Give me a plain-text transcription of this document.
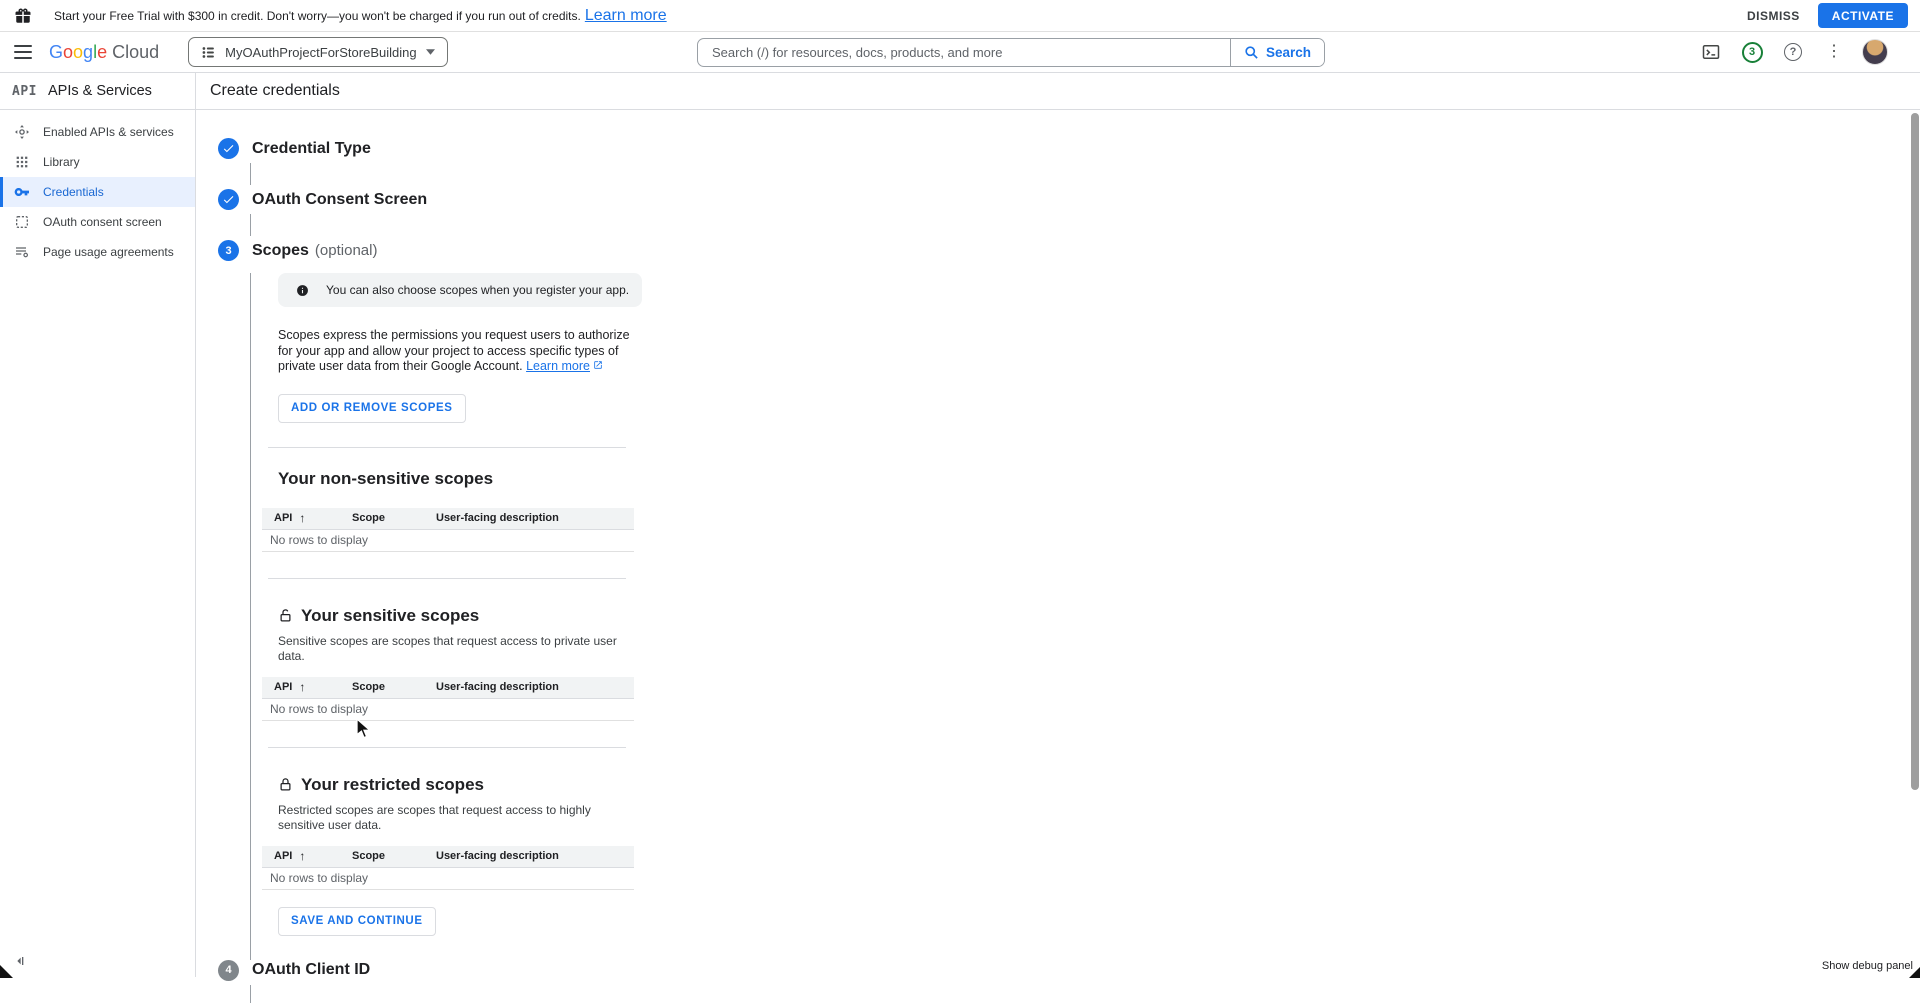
Start your Free Trial with $300 in credit. Don't worry—you won't be charged if you run out of credits. Learn more	DISMISS	ACTIVATE
Google Cloud	MyOAuthProjectForStoreBuilding
Search (/) for resources, docs, products, and more	Search	3	?	⋮
API APIs & Services
Enabled APIs & services
Library
Credentials
OAuth consent screen
Page usage agreements
Create credentials
Credential Type
OAuth Consent Screen
3	Scopes (optional)
You can also choose scopes when you register your app.
Scopes express the permissions you request users to authorize for your app and allow your project to access specific types of private user data from their Google Account. Learn more
ADD OR REMOVE SCOPES
Your non-sensitive scopes
API ↑	Scope	User-facing description
No rows to display
Your sensitive scopes
Sensitive scopes are scopes that request access to private user data.
API ↑	Scope	User-facing description
No rows to display
Your restricted scopes
Restricted scopes are scopes that request access to highly sensitive user data.
API ↑	Scope	User-facing description
No rows to display
SAVE AND CONTINUE
4	OAuth Client ID	Show debug panel
